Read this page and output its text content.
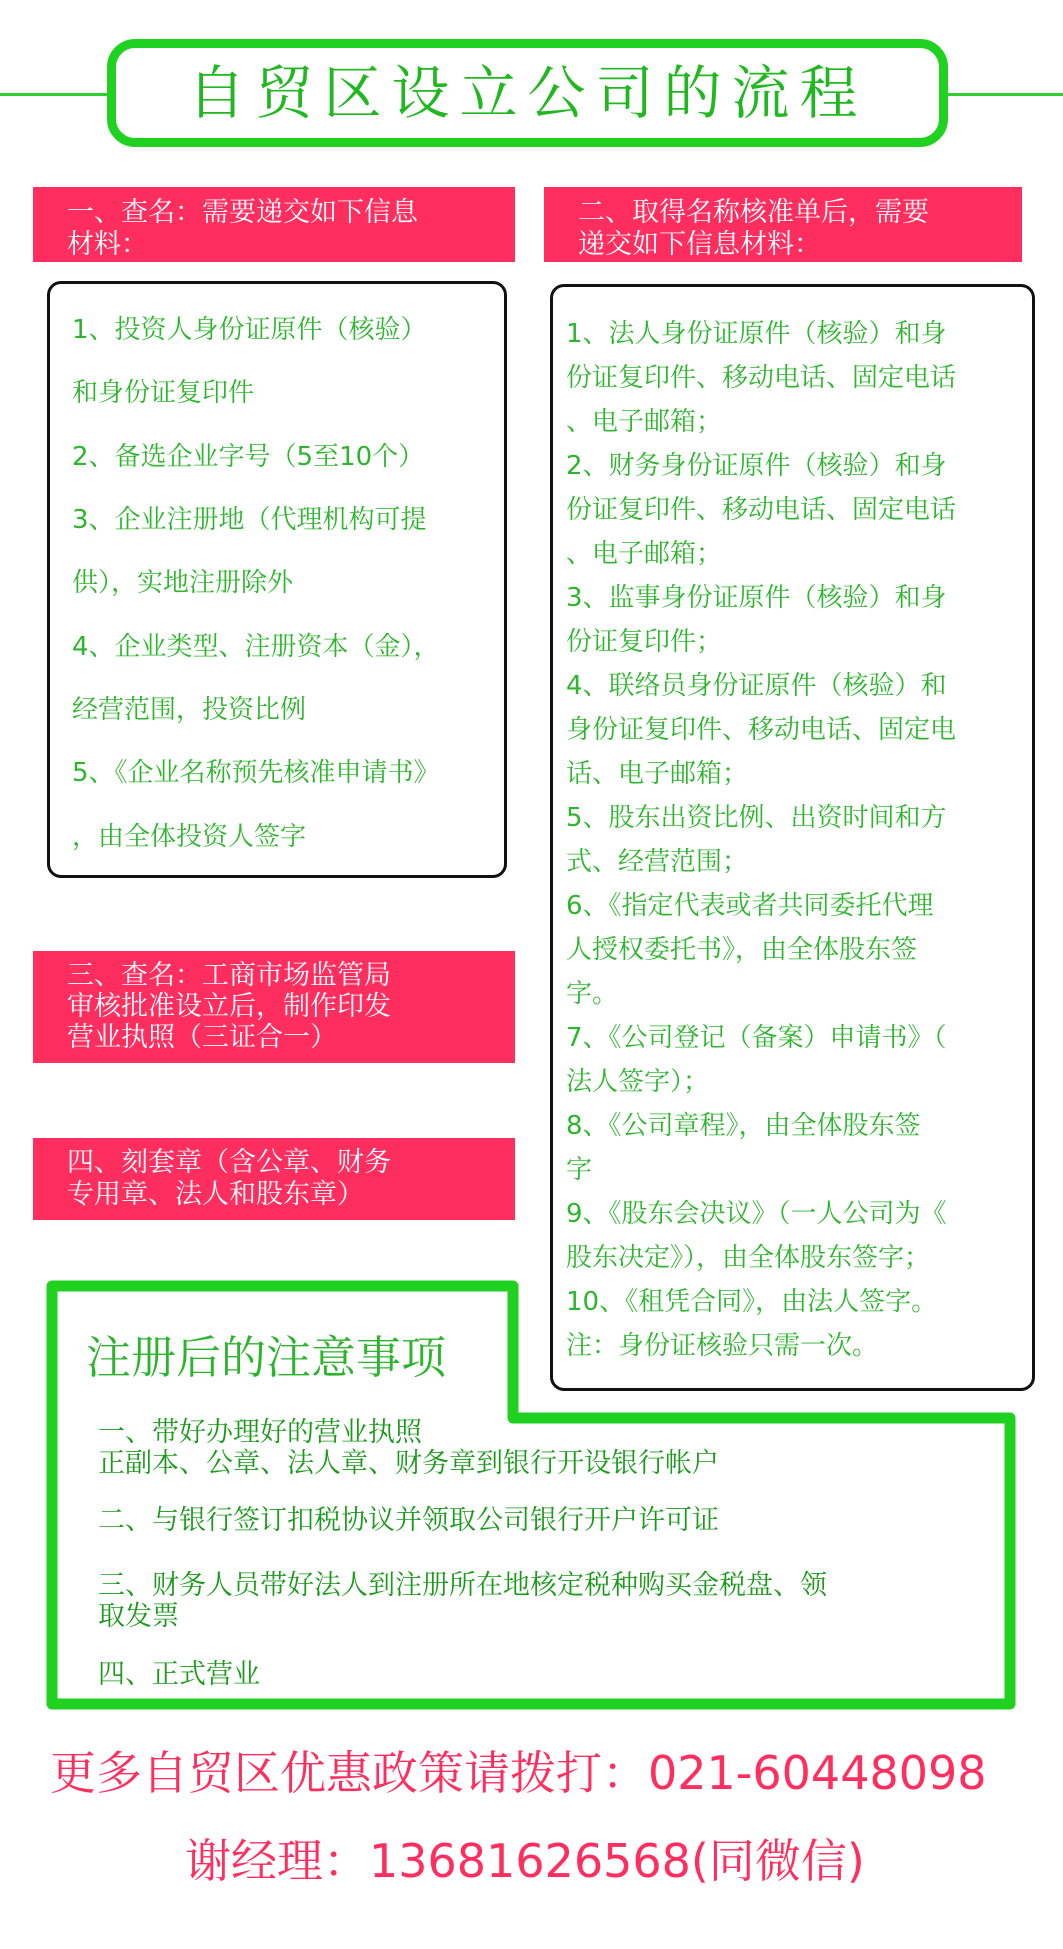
自贸区设立公司的流程
一、查名：需要递交如下信息
材料：
二、取得名称核准单后，需要
递交如下信息材料：
1、投资人身份证原件（核验）
和身份证复印件
2、备选企业字号（5至10个）
3、企业注册地（代理机构可提
供），实地注册除外
4、企业类型、注册资本（金），
经营范围，投资比例
5、《企业名称预先核准申请书》
，由全体投资人签字
1、法人身份证原件（核验）和身
份证复印件、移动电话、固定电话
、电子邮箱；
2、财务身份证原件（核验）和身
份证复印件、移动电话、固定电话
、电子邮箱；
3、监事身份证原件（核验）和身
份证复印件；
4、联络员身份证原件（核验）和
身份证复印件、移动电话、固定电
话、电子邮箱；
5、股东出资比例、出资时间和方
式、经营范围；
6、《指定代表或者共同委托代理
人授权委托书》，由全体股东签
字。
7、《公司登记（备案）申请书》（
法人签字）；
8、《公司章程》，由全体股东签
字
9、《股东会决议》（一人公司为《
股东决定》），由全体股东签字；
10、《租凭合同》，由法人签字。
注：身份证核验只需一次。
三、查名：工商市场监管局
审核批准设立后，制作印发
营业执照（三证合一）
四、刻套章（含公章、财务
专用章、法人和股东章）
注册后的注意事项
一、带好办理好的营业执照
正副本、公章、法人章、财务章到银行开设银行帐户
二、与银行签订扣税协议并领取公司银行开户许可证
三、财务人员带好法人到注册所在地核定税种购买金税盘、领
取发票
四、正式营业
更多自贸区优惠政策请拨打：021-60448098
谢经理：13681626568(同微信)
